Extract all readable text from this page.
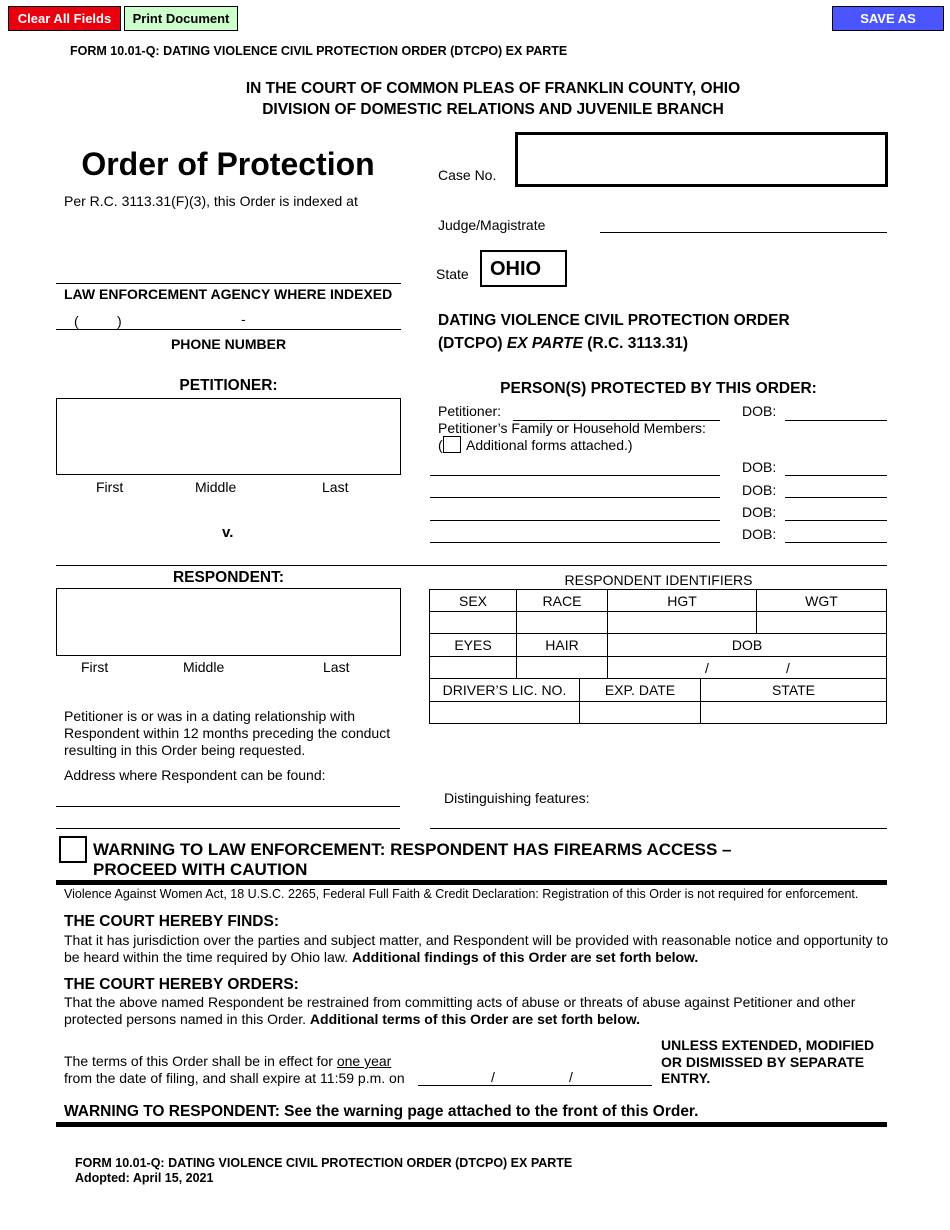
Clear All Fields	Print Document	SAVE AS
FORM 10.01-Q: DATING VIOLENCE CIVIL PROTECTION ORDER (DTCPO) EX PARTE
IN THE COURT OF COMMON PLEAS OF FRANKLIN COUNTY, OHIO
DIVISION OF DOMESTIC RELATIONS AND JUVENILE BRANCH
Order of Protection
Per R.C. 3113.31(F)(3), this Order is indexed at
LAW ENFORCEMENT AGENCY WHERE INDEXED
(	)	-
PHONE NUMBER
Case No.
Judge/Magistrate
State	OHIO
DATING VIOLENCE CIVIL PROTECTION ORDER
(DTCPO) EX PARTE (R.C. 3113.31)
PETITIONER:
First	Middle	Last
v.
PERSON(S) PROTECTED BY THIS ORDER:
Petitioner:	DOB:
Petitioner’s Family or Household Members:
( Additional forms attached.)
DOB:
DOB:
DOB:
DOB:
RESPONDENT:
First	Middle	Last
Petitioner is or was in a dating relationship with Respondent within 12 months preceding the conduct resulting in this Order being requested.
Address where Respondent can be found:
RESPONDENT IDENTIFIERS
SEX	RACE	HGT	WGT

EYES	HAIR	DOB	

		/ /	
DRIVER’S LIC. NO.	EXP. DATE	STATE

Distinguishing features:
WARNING TO LAW ENFORCEMENT: RESPONDENT HAS FIREARMS ACCESS –
PROCEED WITH CAUTION
Violence Against Women Act, 18 U.S.C. 2265, Federal Full Faith & Credit Declaration: Registration of this Order is not required for enforcement.
THE COURT HEREBY FINDS:
That it has jurisdiction over the parties and subject matter, and Respondent will be provided with reasonable notice and opportunity to be heard within the time required by Ohio law. Additional findings of this Order are set forth below.
THE COURT HEREBY ORDERS:
That the above named Respondent be restrained from committing acts of abuse or threats of abuse against Petitioner and other protected persons named in this Order. Additional terms of this Order are set forth below.
The terms of this Order shall be in effect for one year
from the date of filing, and shall expire at 11:59 p.m. on	/	/
UNLESS EXTENDED, MODIFIED OR DISMISSED BY SEPARATE ENTRY.
WARNING TO RESPONDENT: See the warning page attached to the front of this Order.
FORM 10.01-Q: DATING VIOLENCE CIVIL PROTECTION ORDER (DTCPO) EX PARTE
Adopted: April 15, 2021
